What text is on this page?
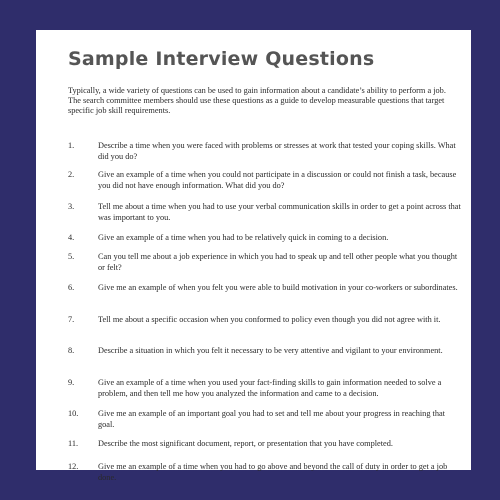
Sample Interview Questions

Typically, a wide variety of questions can be used to gain information about a candidate’s ability to perform a job. The search committee members should use these questions as a guide to develop measurable questions that target specific job skill requirements.

1.	Describe a time when you were faced with problems or stresses at work that tested your coping skills. What did you do?
2.	Give an example of a time when you could not participate in a discussion or could not finish a task, because you did not have enough information. What did you do?
3.	Tell me about a time when you had to use your verbal communication skills in order to get a point across that was important to you.
4.	Give an example of a time when you had to be relatively quick in coming to a decision.
5.	Can you tell me about a job experience in which you had to speak up and tell other people what you thought or felt?
6.	Give me an example of when you felt you were able to build motivation in your co-workers or subordinates.
7.	Tell me about a specific occasion when you conformed to policy even though you did not agree with it.
8.	Describe a situation in which you felt it necessary to be very attentive and vigilant to your environment.
9.	Give an example of a time when you used your fact-finding skills to gain information needed to solve a problem, and then tell me how you analyzed the information and came to a decision.
10.	Give me an example of an important goal you had to set and tell me about your progress in reaching that goal.
11.	Describe the most significant document, report, or presentation that you have completed.
12.	Give me an example of a time when you had to go above and beyond the call of duty in order to get a job done.
